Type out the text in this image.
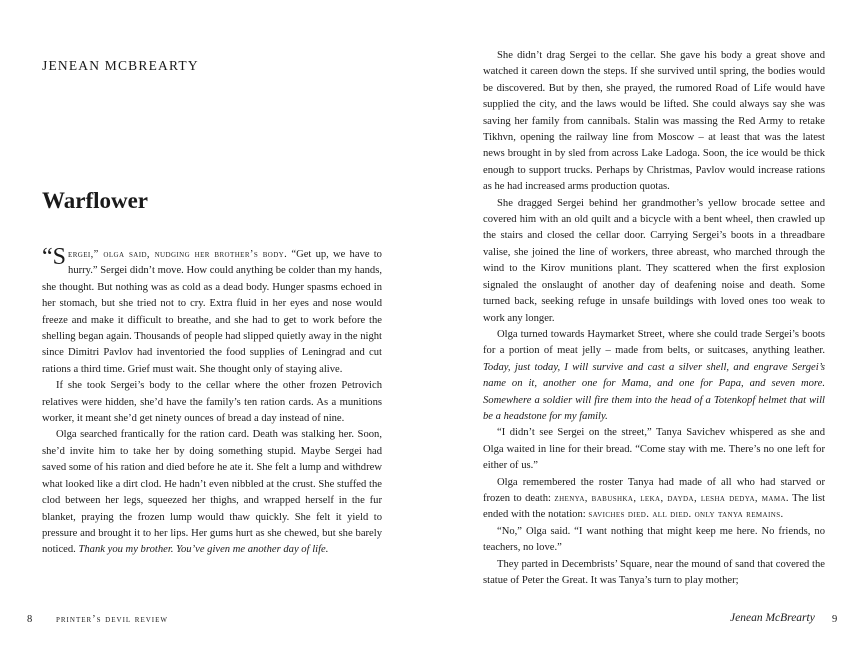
JENEAN MCBREARTY
Warflower

“S ergei,” olga said, nudging her brother’s body. “Get up, we have to hurry.” Sergei didn’t move. How could anything be colder than my hands, she thought. But nothing was as cold as a dead body. Hunger spasms echoed in her stomach, but she tried not to cry. Extra fluid in her eyes and nose would freeze and make it difficult to breathe, and she had to get to work before the shelling began again. Thousands of people had slipped quietly away in the night since Dimitri Pavlov had inventoried the food supplies of Leningrad and cut rations a third time. Grief must wait. She thought only of staying alive.

If she took Sergei’s body to the cellar where the other frozen Petrovich relatives were hidden, she’d have the family’s ten ration cards. As a munitions worker, it meant she’d get ninety ounces of bread a day instead of nine.

Olga searched frantically for the ration card. Death was stalking her. Soon, she’d invite him to take her by doing something stupid. Maybe Sergei had saved some of his ration and died before he ate it. She felt a lump and withdrew what looked like a dirt clod. He hadn’t even nibbled at the crust. She stuffed the clod between her legs, squeezed her thighs, and wrapped herself in the fur blanket, praying the frozen lump would thaw quickly. She felt it yield to pressure and brought it to her lips. Her gums hurt as she chewed, but she barely noticed. Thank you my brother. You’ve given me another day of life.

8 printer’s devil review

She didn’t drag Sergei to the cellar. She gave his body a great shove and watched it careen down the steps. If she survived until spring, the bodies would be discovered. But by then, she prayed, the rumored Road of Life would have supplied the city, and the laws would be lifted. She could always say she was saving her family from cannibals. Stalin was massing the Red Army to retake Tikhvn, opening the railway line from Moscow – at least that was the latest news brought in by sled from across Lake Ladoga. Soon, the ice would be thick enough to support trucks. Perhaps by Christmas, Pavlov would increase rations as he had increased arms production quotas.

She dragged Sergei behind her grandmother’s yellow brocade settee and covered him with an old quilt and a bicycle with a bent wheel, then crawled up the stairs and closed the cellar door. Carrying Sergei’s boots in a threadbare valise, she joined the line of workers, three abreast, who marched through the wind to the Kirov munitions plant. They scattered when the first explosion signaled the onslaught of another day of deafening noise and death. Some turned back, seeking refuge in unsafe buildings with loved ones too weak to work any longer.

Olga turned towards Haymarket Street, where she could trade Sergei’s boots for a portion of meat jelly – made from belts, or suitcases, anything leather. Today, just today, I will survive and cast a silver shell, and engrave Sergei’s name on it, another one for Mama, and one for Papa, and seven more. Somewhere a soldier will fire them into the head of a Totenkopf helmet that will be a headstone for my family.

“I didn’t see Sergei on the street,” Tanya Savichev whispered as she and Olga waited in line for their bread. “Come stay with me. There’s no one left for either of us.”

Olga remembered the roster Tanya had made of all who had starved or frozen to death: zhenya, babushka, leka, dayda, lesha dedya, mama. The list ended with the notation: saviches died. all died. only tanya remains.

“No,” Olga said. “I want nothing that might keep me here. No friends, no teachers, no love.”

They parted in Decembrists’ Square, near the mound of sand that covered the statue of Peter the Great. It was Tanya’s turn to play mother;

Jenean McBrearty 9
